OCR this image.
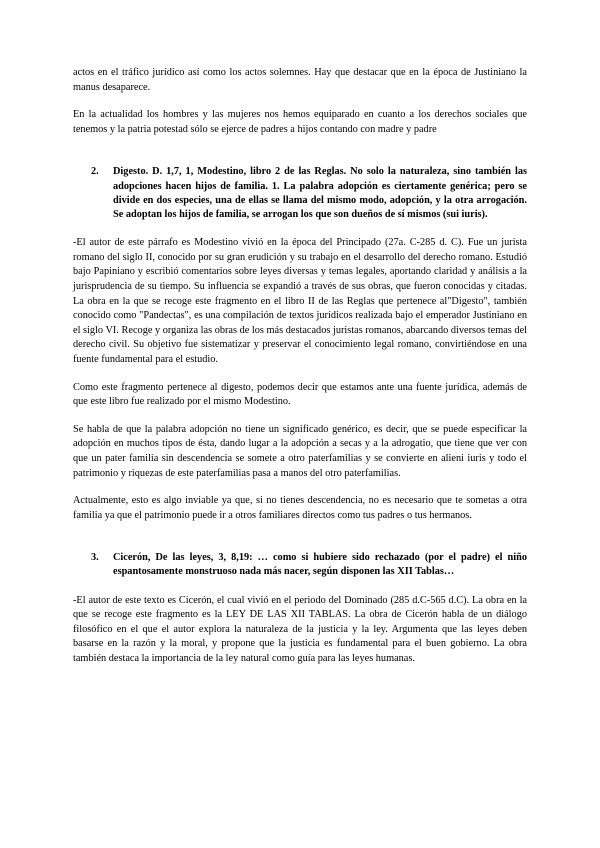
actos en el tráfico jurídico así como los actos solemnes. Hay que destacar que en la época de Justiniano la manus desaparece.

En la actualidad los hombres y las mujeres nos hemos equiparado en cuanto a los derechos sociales que tenemos y la patria potestad sólo se ejerce de padres a hijos contando con madre y padre

2.	Digesto. D. 1,7, 1, Modestino, libro 2 de las Reglas. No solo la naturaleza, sino también las adopciones hacen hijos de familia. 1. La palabra adopción es ciertamente genérica; pero se divide en dos especies, una de ellas se llama del mismo modo, adopción, y la otra arrogación. Se adoptan los hijos de familia, se arrogan los que son dueños de sí mismos (sui iuris).

-El autor de este párrafo es Modestino vivió en la época del Principado (27a. C-285 d. C). Fue un jurista romano del siglo II, conocido por su gran erudición y su trabajo en el desarrollo del derecho romano. Estudió bajo Papiniano y escribió comentarios sobre leyes diversas y temas legales, aportando claridad y análisis a la jurisprudencia de su tiempo. Su influencia se expandió a través de sus obras, que fueron conocidas y citadas. La obra en la que se recoge este fragmento en el libro II de las Reglas que pertenece al"Digesto", también conocido como "Pandectas", es una compilación de textos jurídicos realizada bajo el emperador Justiniano en el siglo VI. Recoge y organiza las obras de los más destacados juristas romanos, abarcando diversos temas del derecho civil. Su objetivo fue sistematizar y preservar el conocimiento legal romano, convirtiéndose en una fuente fundamental para el estudio.

Como este fragmento pertenece al digesto, podemos decir que estamos ante una fuente jurídica, además de que este libro fue realizado por el mismo Modestino.

Se habla de que la palabra adopción no tiene un significado genérico, es decir, que se puede especificar la adopción en muchos tipos de ésta, dando lugar a la adopción a secas y a la adrogatio, que tiene que ver con que un pater familia sin descendencia se somete a otro paterfamilias y se convierte en alieni iuris y todo el patrimonio y riquezas de este paterfamilias pasa a manos del otro paterfamilias.

Actualmente, esto es algo inviable ya que, si no tienes descendencia, no es necesario que te sometas a otra familia ya que el patrimonio puede ir a otros familiares directos como tus padres o tus hermanos.

3.	Cicerón, De las leyes, 3, 8,19: … como si hubiere sido rechazado (por el padre) el niño espantosamente monstruoso nada más nacer, según disponen las XII Tablas…

-El autor de este texto es Cicerón, el cual vivió en el periodo del Dominado (285 d.C-565 d.C). La obra en la que se recoge este fragmento es la LEY DE LAS XII TABLAS. La obra de Cicerón habla de un diálogo filosófico en el que el autor explora la naturaleza de la justicia y la ley. Argumenta que las leyes deben basarse en la razón y la moral, y propone que la justicia es fundamental para el buen gobierno. La obra también destaca la importancia de la ley natural como guía para las leyes humanas.
